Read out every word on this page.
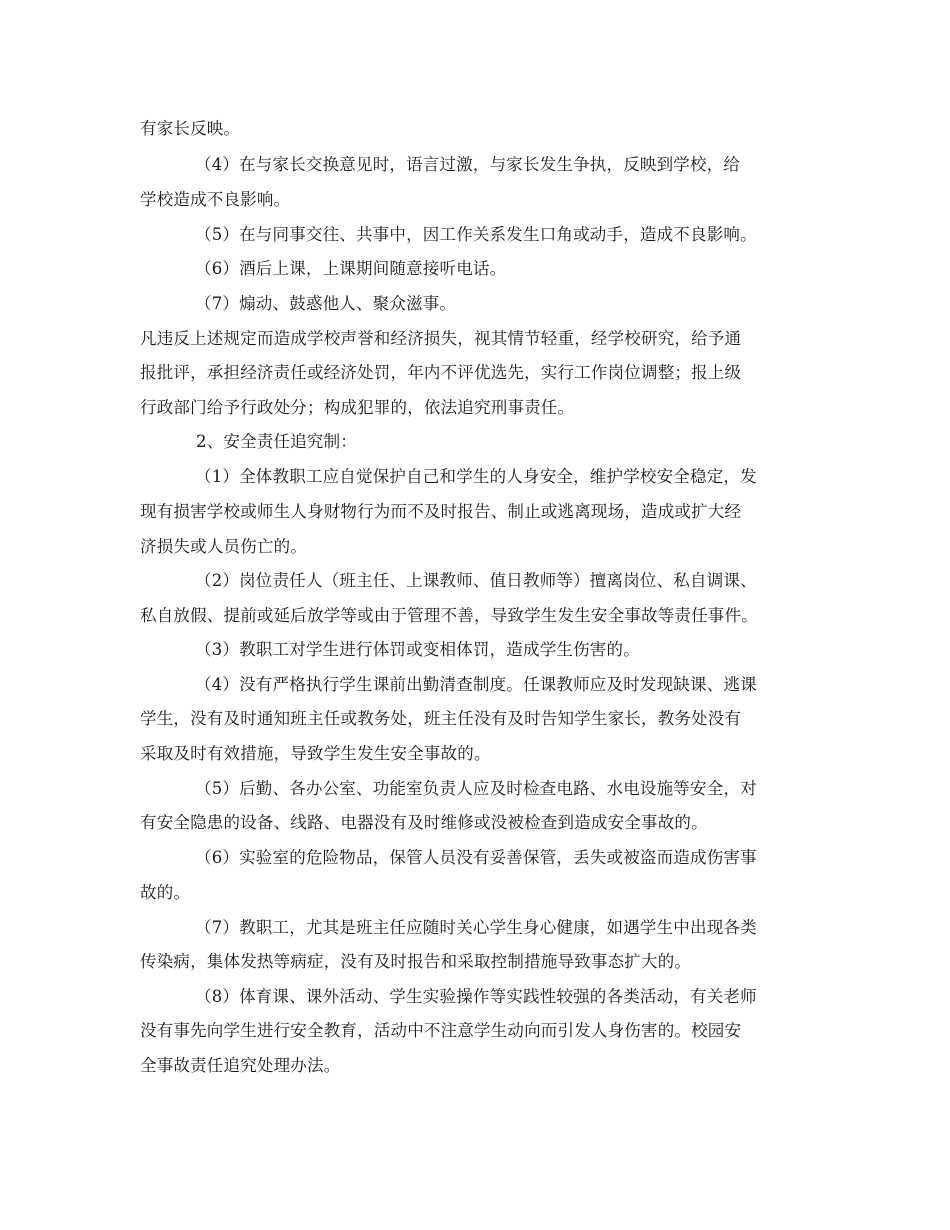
有家长反映。
（4）在与家长交换意见时，语言过激，与家长发生争执，反映到学校，给
学校造成不良影响。
（5）在与同事交往、共事中，因工作关系发生口角或动手，造成不良影响。
（6）酒后上课，上课期间随意接听电话。
（7）煽动、鼓惑他人、聚众滋事。
凡违反上述规定而造成学校声誉和经济损失，视其情节轻重，经学校研究，给予通
报批评，承担经济责任或经济处罚，年内不评优选先，实行工作岗位调整；报上级
行政部门给予行政处分；构成犯罪的，依法追究刑事责任。
2、安全责任追究制：
（1）全体教职工应自觉保护自己和学生的人身安全，维护学校安全稳定，发
现有损害学校或师生人身财物行为而不及时报告、制止或逃离现场，造成或扩大经
济损失或人员伤亡的。
（2）岗位责任人（班主任、上课教师、值日教师等）擅离岗位、私自调课、
私自放假、提前或延后放学等或由于管理不善，导致学生发生安全事故等责任事件。
（3）教职工对学生进行体罚或变相体罚，造成学生伤害的。
（4）没有严格执行学生课前出勤清查制度。任课教师应及时发现缺课、逃课
学生，没有及时通知班主任或教务处，班主任没有及时告知学生家长，教务处没有
采取及时有效措施，导致学生发生安全事故的。
（5）后勤、各办公室、功能室负责人应及时检查电路、水电设施等安全，对
有安全隐患的设备、线路、电器没有及时维修或没被检查到造成安全事故的。
（6）实验室的危险物品，保管人员没有妥善保管，丢失或被盗而造成伤害事
故的。
（7）教职工，尤其是班主任应随时关心学生身心健康，如遇学生中出现各类
传染病，集体发热等病症，没有及时报告和采取控制措施导致事态扩大的。
（8）体育课、课外活动、学生实验操作等实践性较强的各类活动，有关老师
没有事先向学生进行安全教育，活动中不注意学生动向而引发人身伤害的。校园安
全事故责任追究处理办法。
